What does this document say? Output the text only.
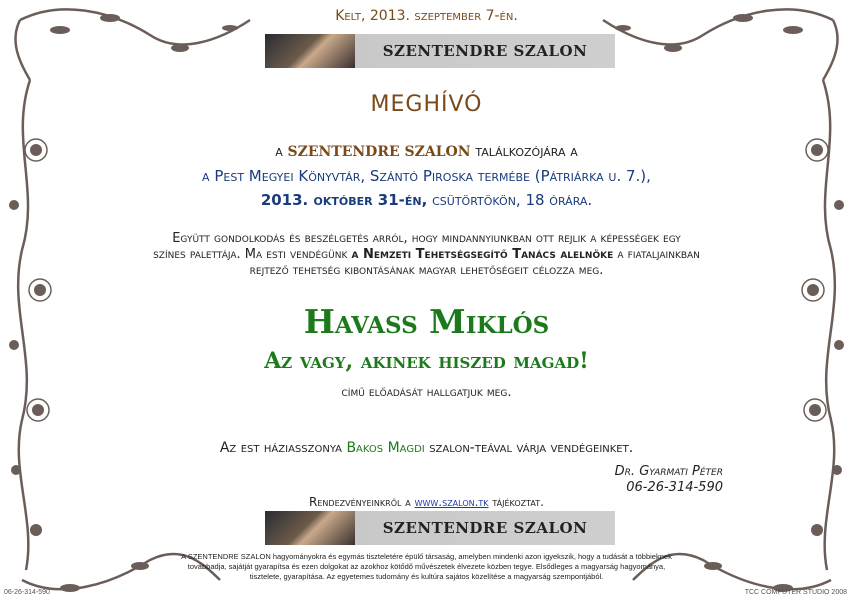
Kelt, 2013. szeptember 7-én.
SZENTENDRE SZALON
MEGHÍVÓ
a SZENTENDRE SZALON találkozójára a
a Pest Megyei Könyvtár, Szántó Piroska termébe (Pátriárka u. 7.),
2013. október 31-én, csütörtökön, 18 órára.
Együtt gondolkodás és beszélgetés arról, hogy mindannyiunkban ott rejlik a képességek egy
színes palettája. Ma esti vendégünk a Nemzeti Tehetségsegítő Tanács alelnöke a fiataljainkban
rejtező tehetség kibontásának magyar lehetőségeit célozza meg.
Havass Miklós
Az vagy, akinek hiszed magad!
című előadását hallgatjuk meg.
Az est háziasszonya Bakos Magdi szalon-teával várja vendégeinket.
Dr. Gyarmati Péter
06-26-314-590
Rendezvényeinkről a www.szalon.tk tájékoztat.
SZENTENDRE SZALON
A SZENTENDRE SZALON hagyományokra és egymás tiszteletére épülő társaság, amelyben mindenki azon igyekszik, hogy a tudását a többieknek
továbbadja, sajátját gyarapítsa és ezen dolgokat az azokhoz kötődő művészetek élvezete közben tegye. Elsődleges a magyarság hagyománya,
tisztelete, gyarapítása. Az egyetemes tudomány és kultúra sajátos közelítése a magyarság szempontjából.
06-26-314-590	TCC COMPUTER STUDIO 2008
